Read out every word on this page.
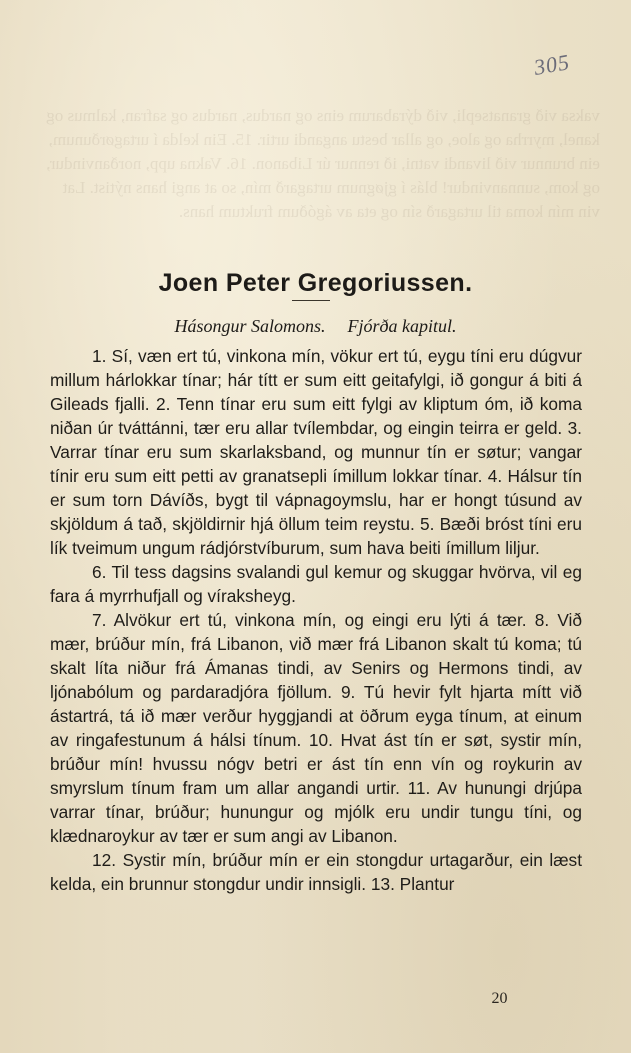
vaksa við granatsepli, við dýrabarum eins og nardus, nardus og safran, kalmus og kanel, myrrha og aloe, og allar bestu angandi urtir. 15. Ein kelda í urtagørðunum, ein brunnur við livandi vatni, ið rennur úr Libanon. 16. Vakna upp, norðanvindur, og kom, sunnanvindur! blás í gjøgnum urtagarð mín, so at angi hans nýtist. Lat vin mín koma til urtagarð sín og eta av ágóðum fruktum hans.

305
Joen Peter Gregoriussen.
Hásongur Salomons. Fjórða kapitul.

1. Sí, væn ert tú, vinkona mín, vökur ert tú, eygu tíni eru dúgvur millum hárlokkar tínar; hár títt er sum eitt geitafylgi, ið gongur á biti á Gileads fjalli. 2. Tenn tínar eru sum eitt fylgi av kliptum óm, ið koma niðan úr tváttánni, tær eru allar tvílembdar, og eingin teirra er geld. 3. Varrar tínar eru sum skarlaksband, og munnur tín er søtur; vangar tínir eru sum eitt petti av granatsepli ímillum lokkar tínar. 4. Hálsur tín er sum torn Dávíðs, bygt til vápnagoymslu, har er hongt túsund av skjöldum á tað, skjöldirnir hjá öllum teim reystu. 5. Bæði bróst tíni eru lík tveimum ungum rádjórstvíburum, sum hava beiti ímillum liljur.

6. Til tess dagsins svalandi gul kemur og skuggar hvörva, vil eg fara á myrrhufjall og víraksheyg.

7. Alvökur ert tú, vinkona mín, og eingi eru lýti á tær. 8. Við mær, brúður mín, frá Libanon, við mær frá Libanon skalt tú koma; tú skalt líta niður frá Ámanas tindi, av Senirs og Hermons tindi, av ljónabólum og pardaradjóra fjöllum. 9. Tú hevir fylt hjarta mítt við ástartrá, tá ið mær verður hyggjandi at öðrum eyga tínum, at einum av ringafestunum á hálsi tínum. 10. Hvat ást tín er søt, systir mín, brúður mín! hvussu nógv betri er ást tín enn vín og roykurin av smyrslum tínum fram um allar angandi urtir. 11. Av hunungi drjúpa varrar tínar, brúður; hunungur og mjólk eru undir tungu tíni, og klædnaroykur av tær er sum angi av Libanon.

12. Systir mín, brúður mín er ein stongdur urtagarður, ein læst kelda, ein brunnur stongdur undir innsigli. 13. Plantur

20
